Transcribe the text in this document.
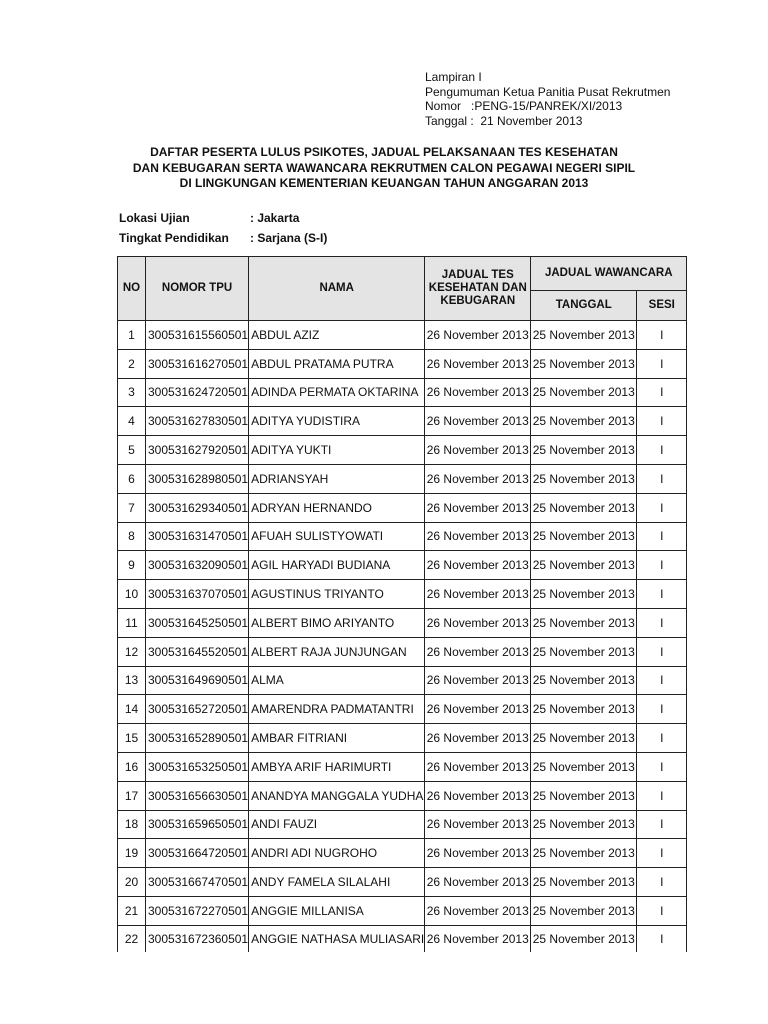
Lampiran I
Pengumuman Ketua Panitia Pusat Rekrutmen
Nomor   :PENG-15/PANREK/XI/2013
Tanggal :  21 November 2013
DAFTAR PESERTA LULUS PSIKOTES, JADUAL PELAKSANAAN TES KESEHATAN
DAN KEBUGARAN SERTA WAWANCARA REKRUTMEN CALON PEGAWAI NEGERI SIPIL
DI LINGKUNGAN KEMENTERIAN KEUANGAN TAHUN ANGGARAN 2013
Lokasi Ujian	: Jakarta
Tingkat Pendidikan	: Sarjana (S-I)
NO	NOMOR TPU	NAMA	JADUAL TES
KESEHATAN DAN
KEBUGARAN	JADUAL WAWANCARA	
				TANGGAL	SESI
1	300531615560501	ABDUL AZIZ	26 November 2013	25 November 2013	I
2	300531616270501	ABDUL PRATAMA PUTRA	26 November 2013	25 November 2013	I
3	300531624720501	ADINDA PERMATA OKTARINA	26 November 2013	25 November 2013	I
4	300531627830501	ADITYA YUDISTIRA	26 November 2013	25 November 2013	I
5	300531627920501	ADITYA YUKTI	26 November 2013	25 November 2013	I
6	300531628980501	ADRIANSYAH	26 November 2013	25 November 2013	I
7	300531629340501	ADRYAN HERNANDO	26 November 2013	25 November 2013	I
8	300531631470501	AFUAH SULISTYOWATI	26 November 2013	25 November 2013	I
9	300531632090501	AGIL HARYADI BUDIANA	26 November 2013	25 November 2013	I
10	300531637070501	AGUSTINUS TRIYANTO	26 November 2013	25 November 2013	I
11	300531645250501	ALBERT BIMO ARIYANTO	26 November 2013	25 November 2013	I
12	300531645520501	ALBERT RAJA JUNJUNGAN	26 November 2013	25 November 2013	I
13	300531649690501	ALMA	26 November 2013	25 November 2013	I
14	300531652720501	AMARENDRA PADMATANTRI	26 November 2013	25 November 2013	I
15	300531652890501	AMBAR FITRIANI	26 November 2013	25 November 2013	I
16	300531653250501	AMBYA ARIF HARIMURTI	26 November 2013	25 November 2013	I
17	300531656630501	ANANDYA MANGGALA YUDHA	26 November 2013	25 November 2013	I
18	300531659650501	ANDI FAUZI	26 November 2013	25 November 2013	I
19	300531664720501	ANDRI ADI NUGROHO	26 November 2013	25 November 2013	I
20	300531667470501	ANDY FAMELA SILALAHI	26 November 2013	25 November 2013	I
21	300531672270501	ANGGIE MILLANISA	26 November 2013	25 November 2013	I
22	300531672360501	ANGGIE NATHASA MULIASARI	26 November 2013	25 November 2013	I
